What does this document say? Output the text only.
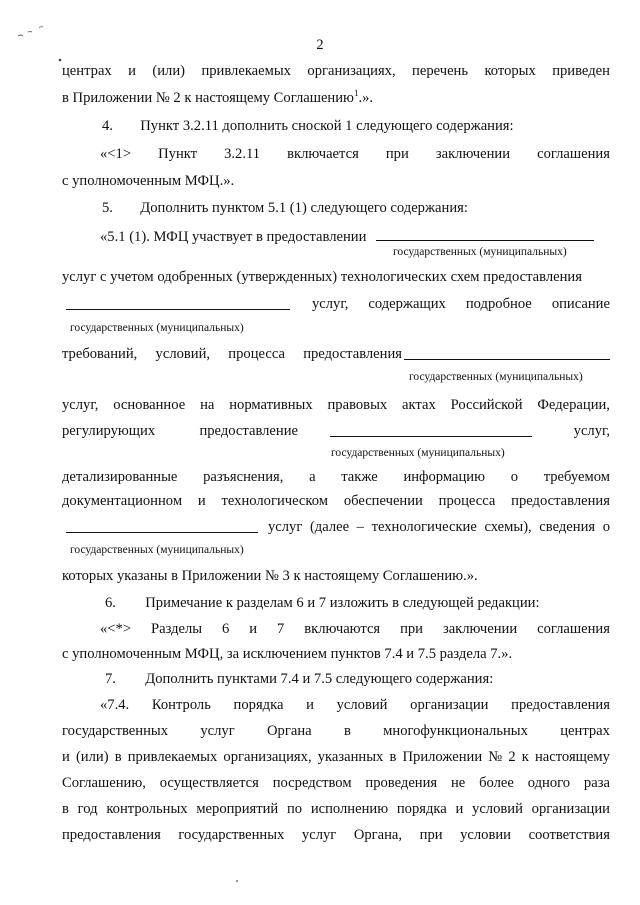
2
центрах и (или) привлекаемых организациях, перечень которых приведен
в Приложении № 2 к настоящему Соглашению$^1$.».
4. Пункт 3.2.11 дополнить сноской 1 следующего содержания:
«<1> Пункт 3.2.11 включается при заключении соглашения
с уполномоченным МФЦ.».
5. Дополнить пунктом 5.1 (1) следующего содержания:
«5.1 (1). МФЦ участвует в предоставлении
государственных (муниципальных)
услуг с учетом одобренных (утвержденных) технологических схем предоставления
услуг, содержащих подробное описание
государственных (муниципальных)
требований, условий, процесса предоставления
государственных (муниципальных)
услуг, основанное на нормативных правовых актах Российской Федерации,
регулирующих	предоставление	услуг,
государственных (муниципальных)
детализированные разъяснения, а также информацию о требуемом
документационном и технологическом обеспечении процесса предоставления
услуг (далее – технологические схемы), сведения о
государственных (муниципальных)
которых указаны в Приложении № 3 к настоящему Соглашению.».
6. Примечание к разделам 6 и 7 изложить в следующей редакции:
«<*> Разделы 6 и 7 включаются при заключении соглашения
с уполномоченным МФЦ, за исключением пунктов 7.4 и 7.5 раздела 7.».
7. Дополнить пунктами 7.4 и 7.5 следующего содержания:
«7.4. Контроль порядка и условий организации предоставления
государственных услуг Органа в многофункциональных центрах
и (или) в привлекаемых организациях, указанных в Приложении № 2 к настоящему
Соглашению, осуществляется посредством проведения не более одного раза
в год контрольных мероприятий по исполнению порядка и условий организации
предоставления государственных услуг Органа, при условии соответствия
